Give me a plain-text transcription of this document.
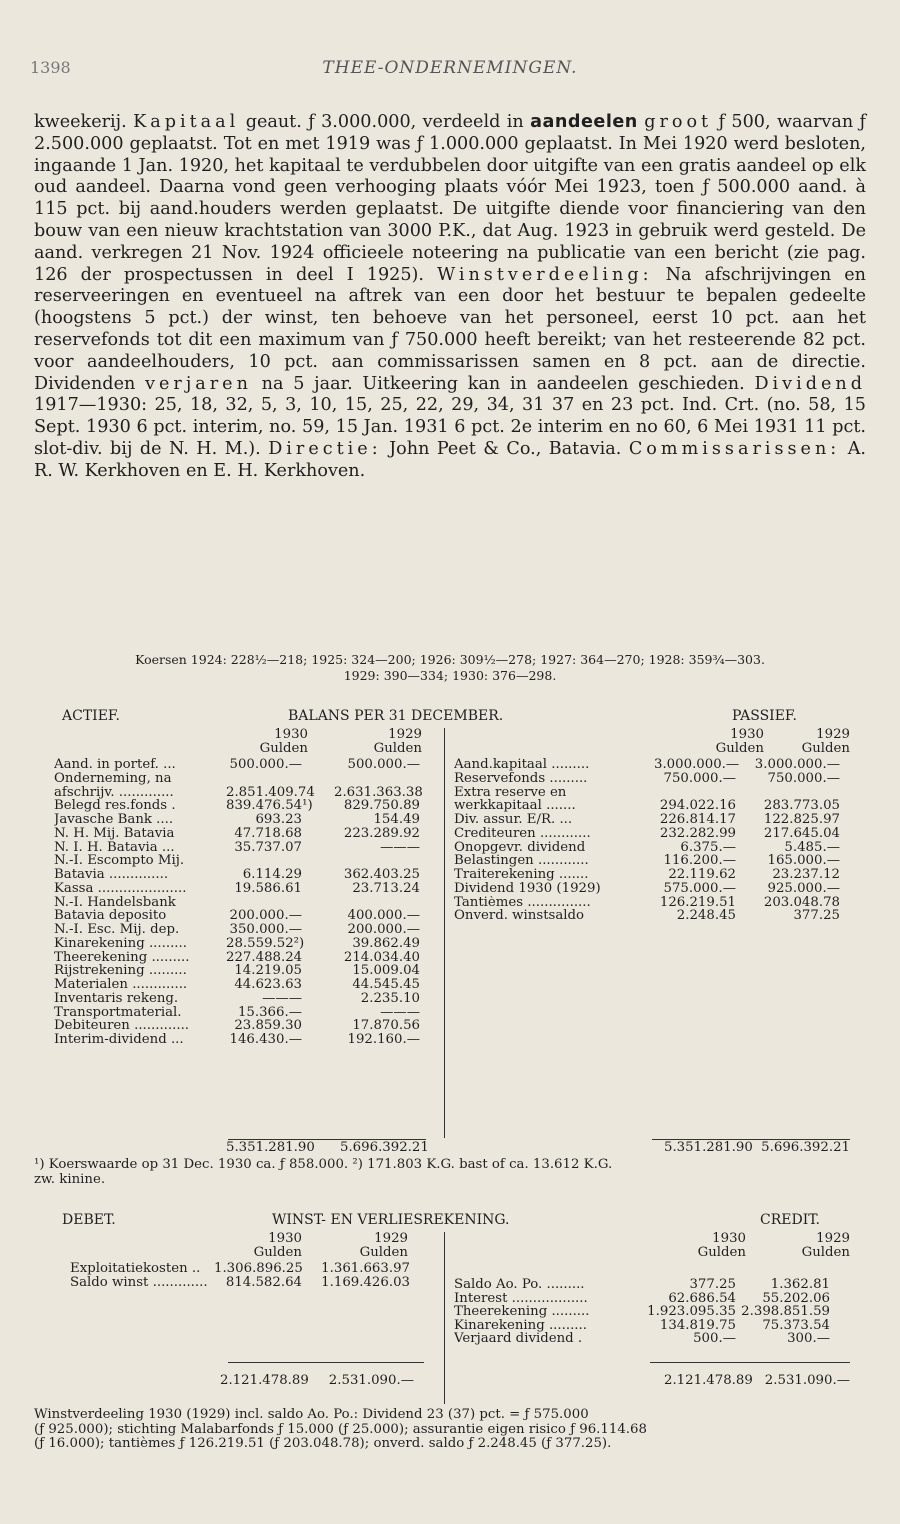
1398	THEE-ONDERNEMINGEN.

kweekerij. Kapitaal geaut. ƒ 3.000.000, verdeeld in aandeelen groot ƒ 500, waarvan ƒ 2.500.000 geplaatst. Tot en met 1919 was ƒ 1.000.000 geplaatst. In Mei 1920 werd besloten, ingaande 1 Jan. 1920, het kapitaal te verdubbelen door uitgifte van een gratis aandeel op elk oud aandeel. Daarna vond geen verhooging plaats vóór Mei 1923, toen ƒ 500.000 aand. à 115 pct. bij aand.houders werden geplaatst. De uitgifte diende voor financiering van den bouw van een nieuw krachtstation van 3000 P.K., dat Aug. 1923 in gebruik werd gesteld. De aand. verkregen 21 Nov. 1924 officieele noteering na publicatie van een bericht (zie pag. 126 der prospectussen in deel I 1925). Winstverdeeling: Na afschrijvingen en reserveeringen en eventueel na aftrek van een door het bestuur te bepalen gedeelte (hoogstens 5 pct.) der winst, ten behoeve van het personeel, eerst 10 pct. aan het reservefonds tot dit een maximum van ƒ 750.000 heeft bereikt; van het resteerende 82 pct. voor aandeelhouders, 10 pct. aan commissarissen samen en 8 pct. aan de directie. Dividenden verjaren na 5 jaar. Uitkeering kan in aandeelen geschieden. Dividend 1917—1930: 25, 18, 32, 5, 3, 10, 15, 25, 22, 29, 34, 31 37 en 23 pct. Ind. Crt. (no. 58, 15 Sept. 1930 6 pct. interim, no. 59, 15 Jan. 1931 6 pct. 2e interim en no 60, 6 Mei 1931 11 pct. slot-div. bij de N. H. M.). Directie: John Peet & Co., Batavia. Commissarissen: A. R. W. Kerkhoven en E. H. Kerkhoven.

Koersen 1924: 228½—218; 1925: 324—200; 1926: 309½—278; 1927: 364—270; 1928: 359¾—303.

1929: 390—334; 1930: 376—298.

ACTIEF.	BALANS PER 31 DECEMBER.	PASSIEF.
1930
Gulden
1929
Gulden
1930
Gulden
1929
Gulden
Aand. in portef. ...	500.000.—	500.000.—
Onderneming, na
afschrijv. .............	2.851.409.74 2.631.363.38
Belegd res.fonds .	839.476.54¹)	829.750.89
Javasche Bank ....	693.23	154.49
N. H. Mij. Batavia	47.718.68	223.289.92
N. I. H. Batavia ...	35.737.07	———
N.-I. Escompto Mij.
Batavia ..............	6.114.29	362.403.25
Kassa .....................	19.586.61	23.713.24
N.-I. Handelsbank
Batavia deposito	200.000.—	400.000.—
N.-I. Esc. Mij. dep.	350.000.—	200.000.—
Kinarekening .........	28.559.52²)	39.862.49
Theerekening .........	227.488.24	214.034.40
Rijstrekening .........	14.219.05	15.009.04
Materialen .............	44.623.63	44.545.45
Inventaris rekeng.	———	2.235.10
Transportmaterial.	15.366.—	———
Debiteuren .............	23.859.30	17.870.56
Interim-dividend ...	146.430.—	192.160.—
Aand.kapitaal .........	3.000.000.—	3.000.000.—
Reservefonds .........	750.000.—	750.000.—
Extra reserve en
werkkapitaal .......	294.022.16	283.773.05
Div. assur. E/R. ...	226.814.17	122.825.97
Crediteuren ............	232.282.99	217.645.04
Onopgevr. dividend	6.375.—	5.485.—
Belastingen ............	116.200.—	165.000.—
Traiterekening .......	22.119.62	23.237.12
Dividend 1930 (1929)	575.000.—	925.000.—
Tantièmes ...............	126.219.51	203.048.78
Onverd. winstsaldo	2.248.45	377.25
5.351.281.90 5.696.392.21	5.351.281.90 5.696.392.21

¹) Koerswaarde op 31 Dec. 1930 ca. ƒ 858.000. ²) 171.803 K.G. bast of ca. 13.612 K.G.

zw. kinine.

DEBET.	WINST- EN VERLIESREKENING.	CREDIT.
1930
Gulden
1929
Gulden
1930
Gulden
1929
Gulden
Exploitatiekosten ..	1.306.896.25 1.361.663.97
Saldo winst .............	814.582.64 1.169.426.03	Saldo Ao. Po. .........	377.25	1.362.81
Interest ..................	62.686.54	55.202.06
Theerekening .........	1.923.095.35 2.398.851.59
Kinarekening .........	134.819.75	75.373.54
Verjaard dividend .	500.—	300.—
2.121.478.89 2.531.090.—	2.121.478.89 2.531.090.—

Winstverdeeling 1930 (1929) incl. saldo Ao. Po.: Dividend 23 (37) pct. = ƒ 575.000

(ƒ 925.000); stichting Malabarfonds ƒ 15.000 (ƒ 25.000); assurantie eigen risico ƒ 96.114.68

(ƒ 16.000); tantièmes ƒ 126.219.51 (ƒ 203.048.78); onverd. saldo ƒ 2.248.45 (ƒ 377.25).
